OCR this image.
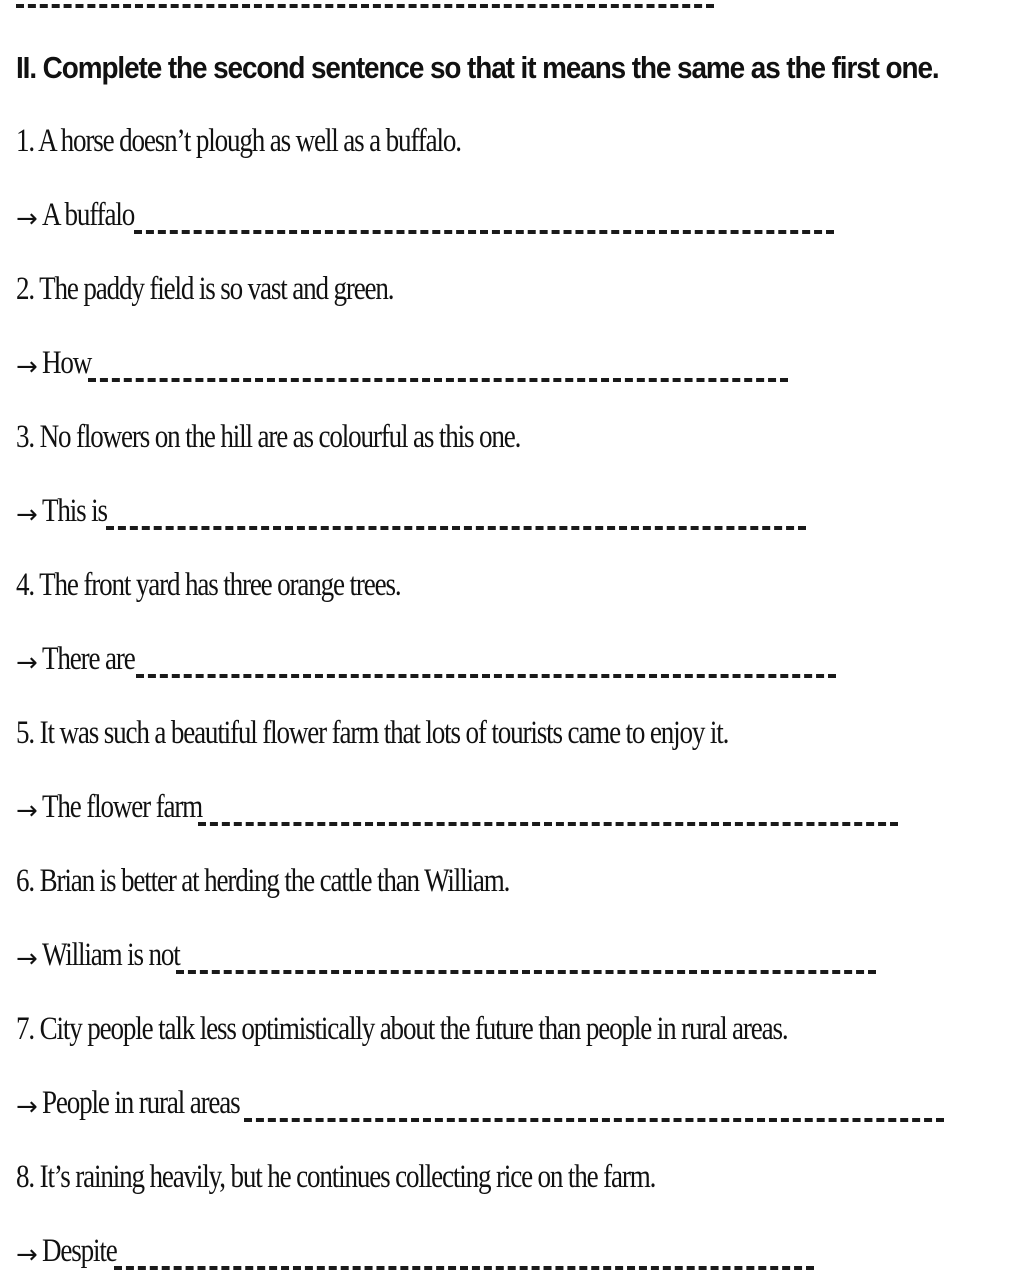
II. Complete the second sentence so that it means the same as the first one.
1. A horse doesn’t plough as well as a buffalo.
→ A buffalo
2. The paddy field is so vast and green.
→ How
3. No flowers on the hill are as colourful as this one.
→ This is
4. The front yard has three orange trees.
→ There are
5. It was such a beautiful flower farm that lots of tourists came to enjoy it.
→ The flower farm
6. Brian is better at herding the cattle than William.
→ William is not
7. City people talk less optimistically about the future than people in rural areas.
→ People in rural areas
8. It’s raining heavily, but he continues collecting rice on the farm.
→ Despite
